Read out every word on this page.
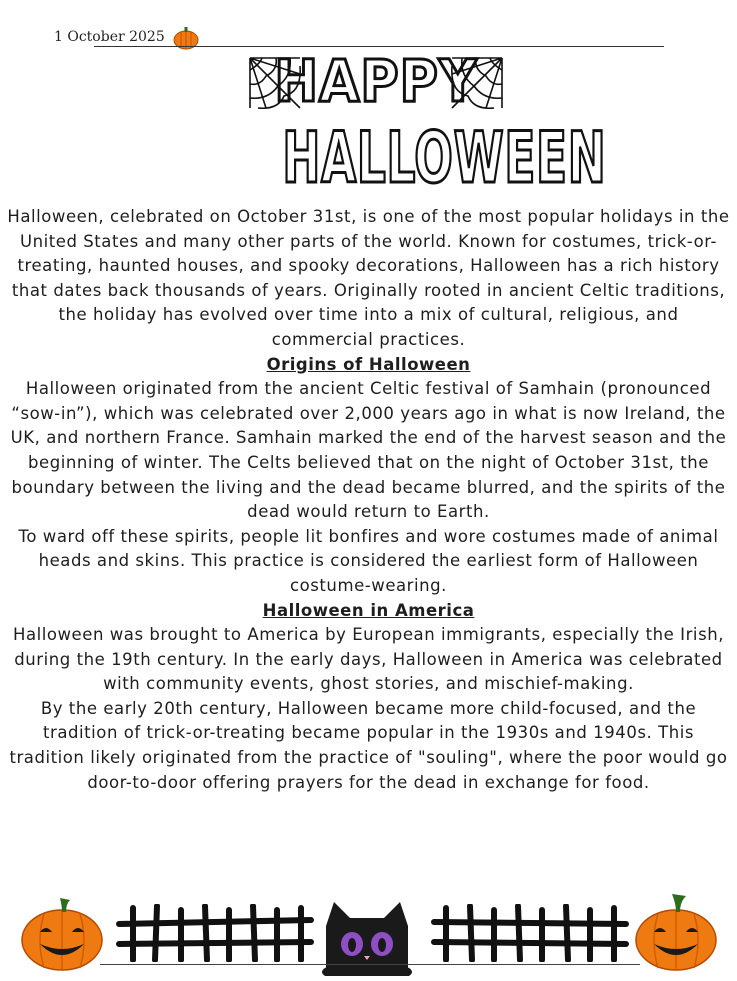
1 October 2025
HAPPY
HALLOWEEN

Halloween, celebrated on October 31st, is one of the most popular holidays in the United States and many other parts of the world. Known for costumes, trick-or-treating, haunted houses, and spooky decorations, Halloween has a rich history that dates back thousands of years. Originally rooted in ancient Celtic traditions, the holiday has evolved over time into a mix of cultural, religious, and commercial practices.

Origins of Halloween

Halloween originated from the ancient Celtic festival of Samhain (pronounced “sow-in”), which was celebrated over 2,000 years ago in what is now Ireland, the UK, and northern France. Samhain marked the end of the harvest season and the beginning of winter. The Celts believed that on the night of October 31st, the boundary between the living and the dead became blurred, and the spirits of the dead would return to Earth.

To ward off these spirits, people lit bonfires and wore costumes made of animal heads and skins. This practice is considered the earliest form of Halloween costume-wearing.

Halloween in America

Halloween was brought to America by European immigrants, especially the Irish, during the 19th century. In the early days, Halloween in America was celebrated with community events, ghost stories, and mischief-making.

By the early 20th century, Halloween became more child-focused, and the tradition of trick-or-treating became popular in the 1930s and 1940s. This tradition likely originated from the practice of "souling", where the poor would go door-to-door offering prayers for the dead in exchange for food.
